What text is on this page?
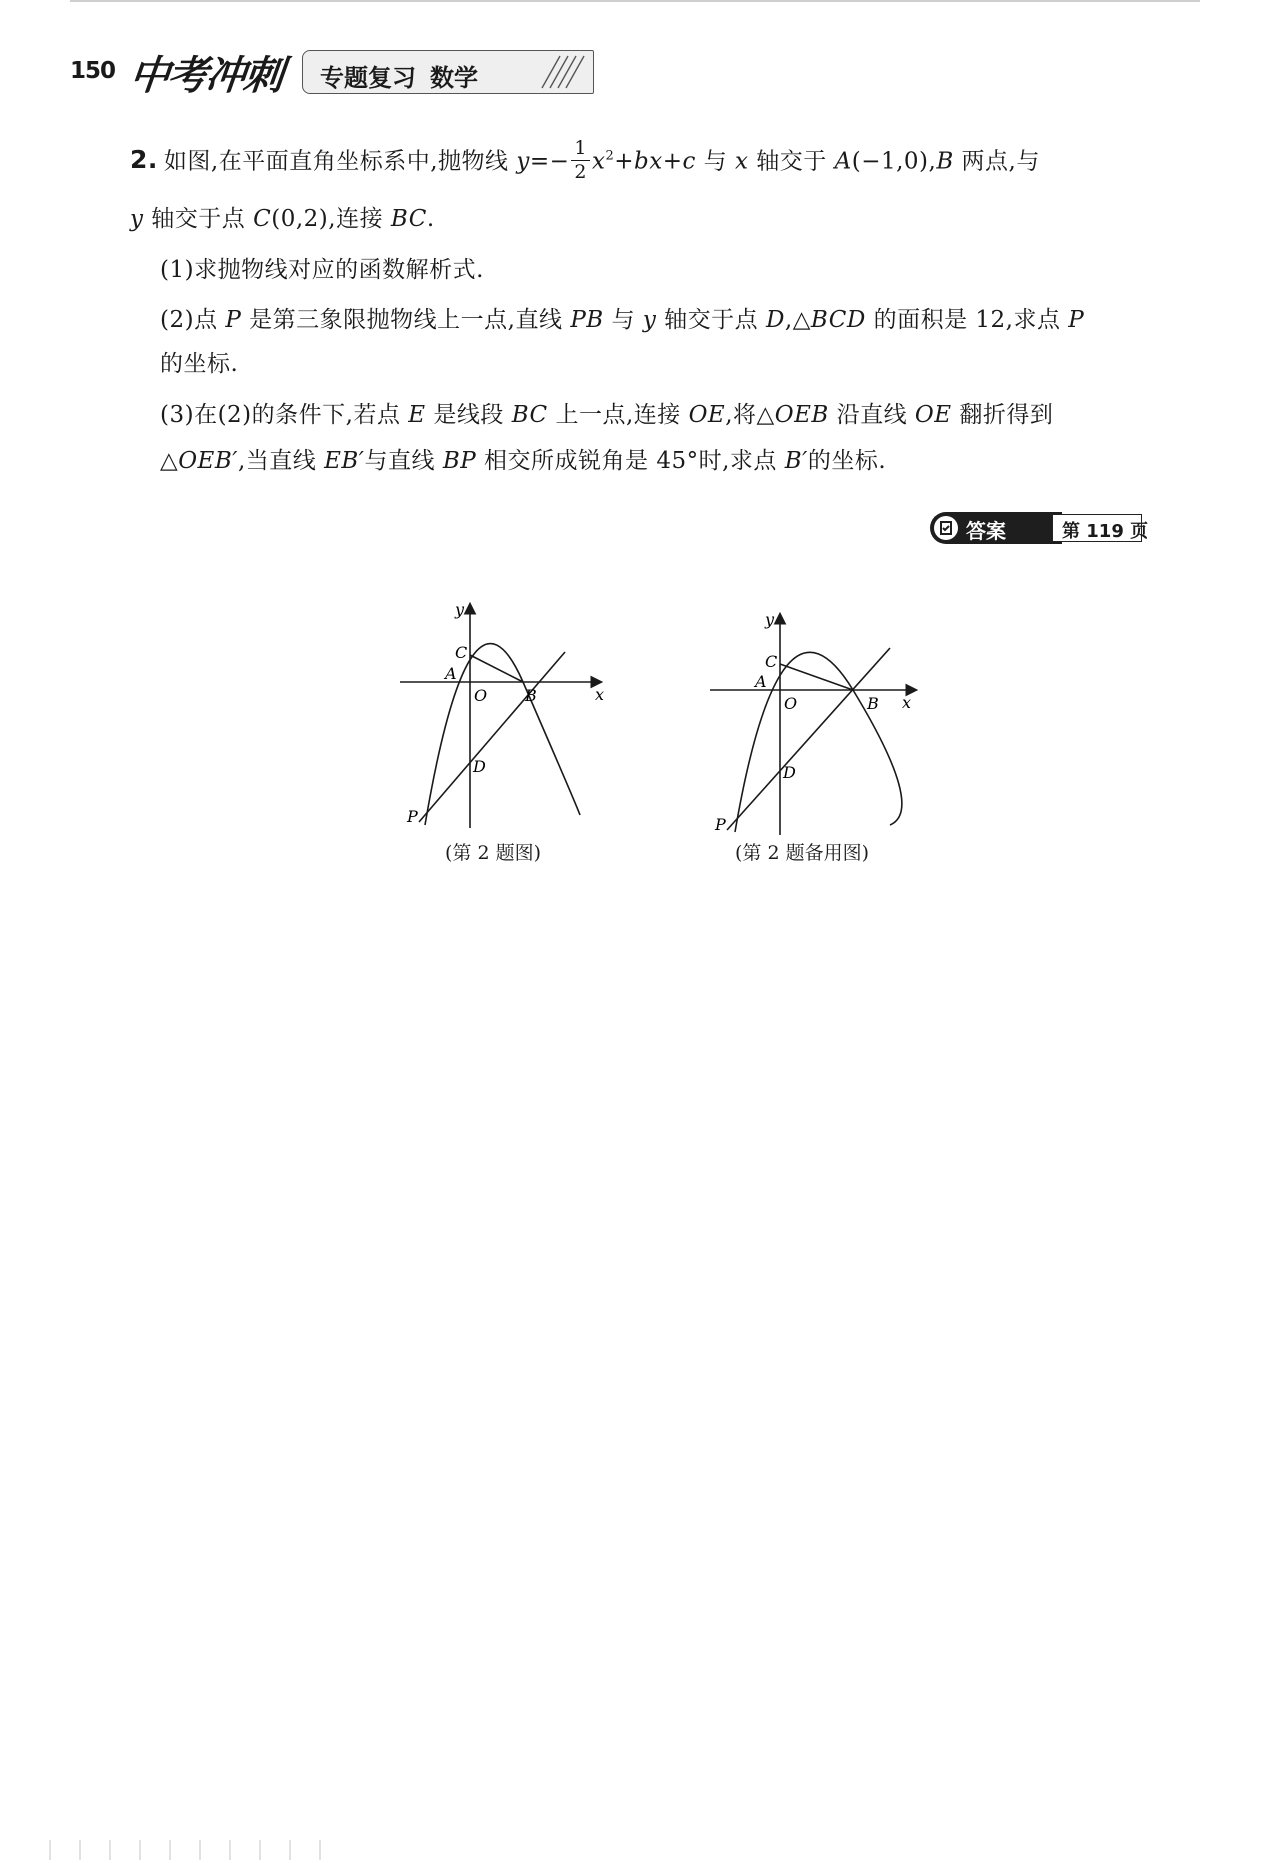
150 中考冲刺 专题复习 数学
2. 如图,在平面直角坐标系中,抛物线 $y=- \frac{1}{2} x^2+bx+c$ 与 x 轴交于 A(−1,0),B 两点,与
y 轴交于点 C(0,2),连接 BC.
(1)求抛物线对应的函数解析式.
(2)点 P 是第三象限抛物线上一点,直线 PB 与 y 轴交于点 D,△BCD 的面积是 12,求点 P
的坐标.
(3)在(2)的条件下,若点 E 是线段 BC 上一点,连接 OE,将△OEB 沿直线 OE 翻折得到
△OEB′,当直线 EB′与直线 BP 相交所成锐角是 45°时,求点 B′的坐标.
答案	第 119 页
y
x
O
A
B
C
D
P
(第 2 题图)
y
x
O
A
B
C
D
P
(第 2 题备用图)
